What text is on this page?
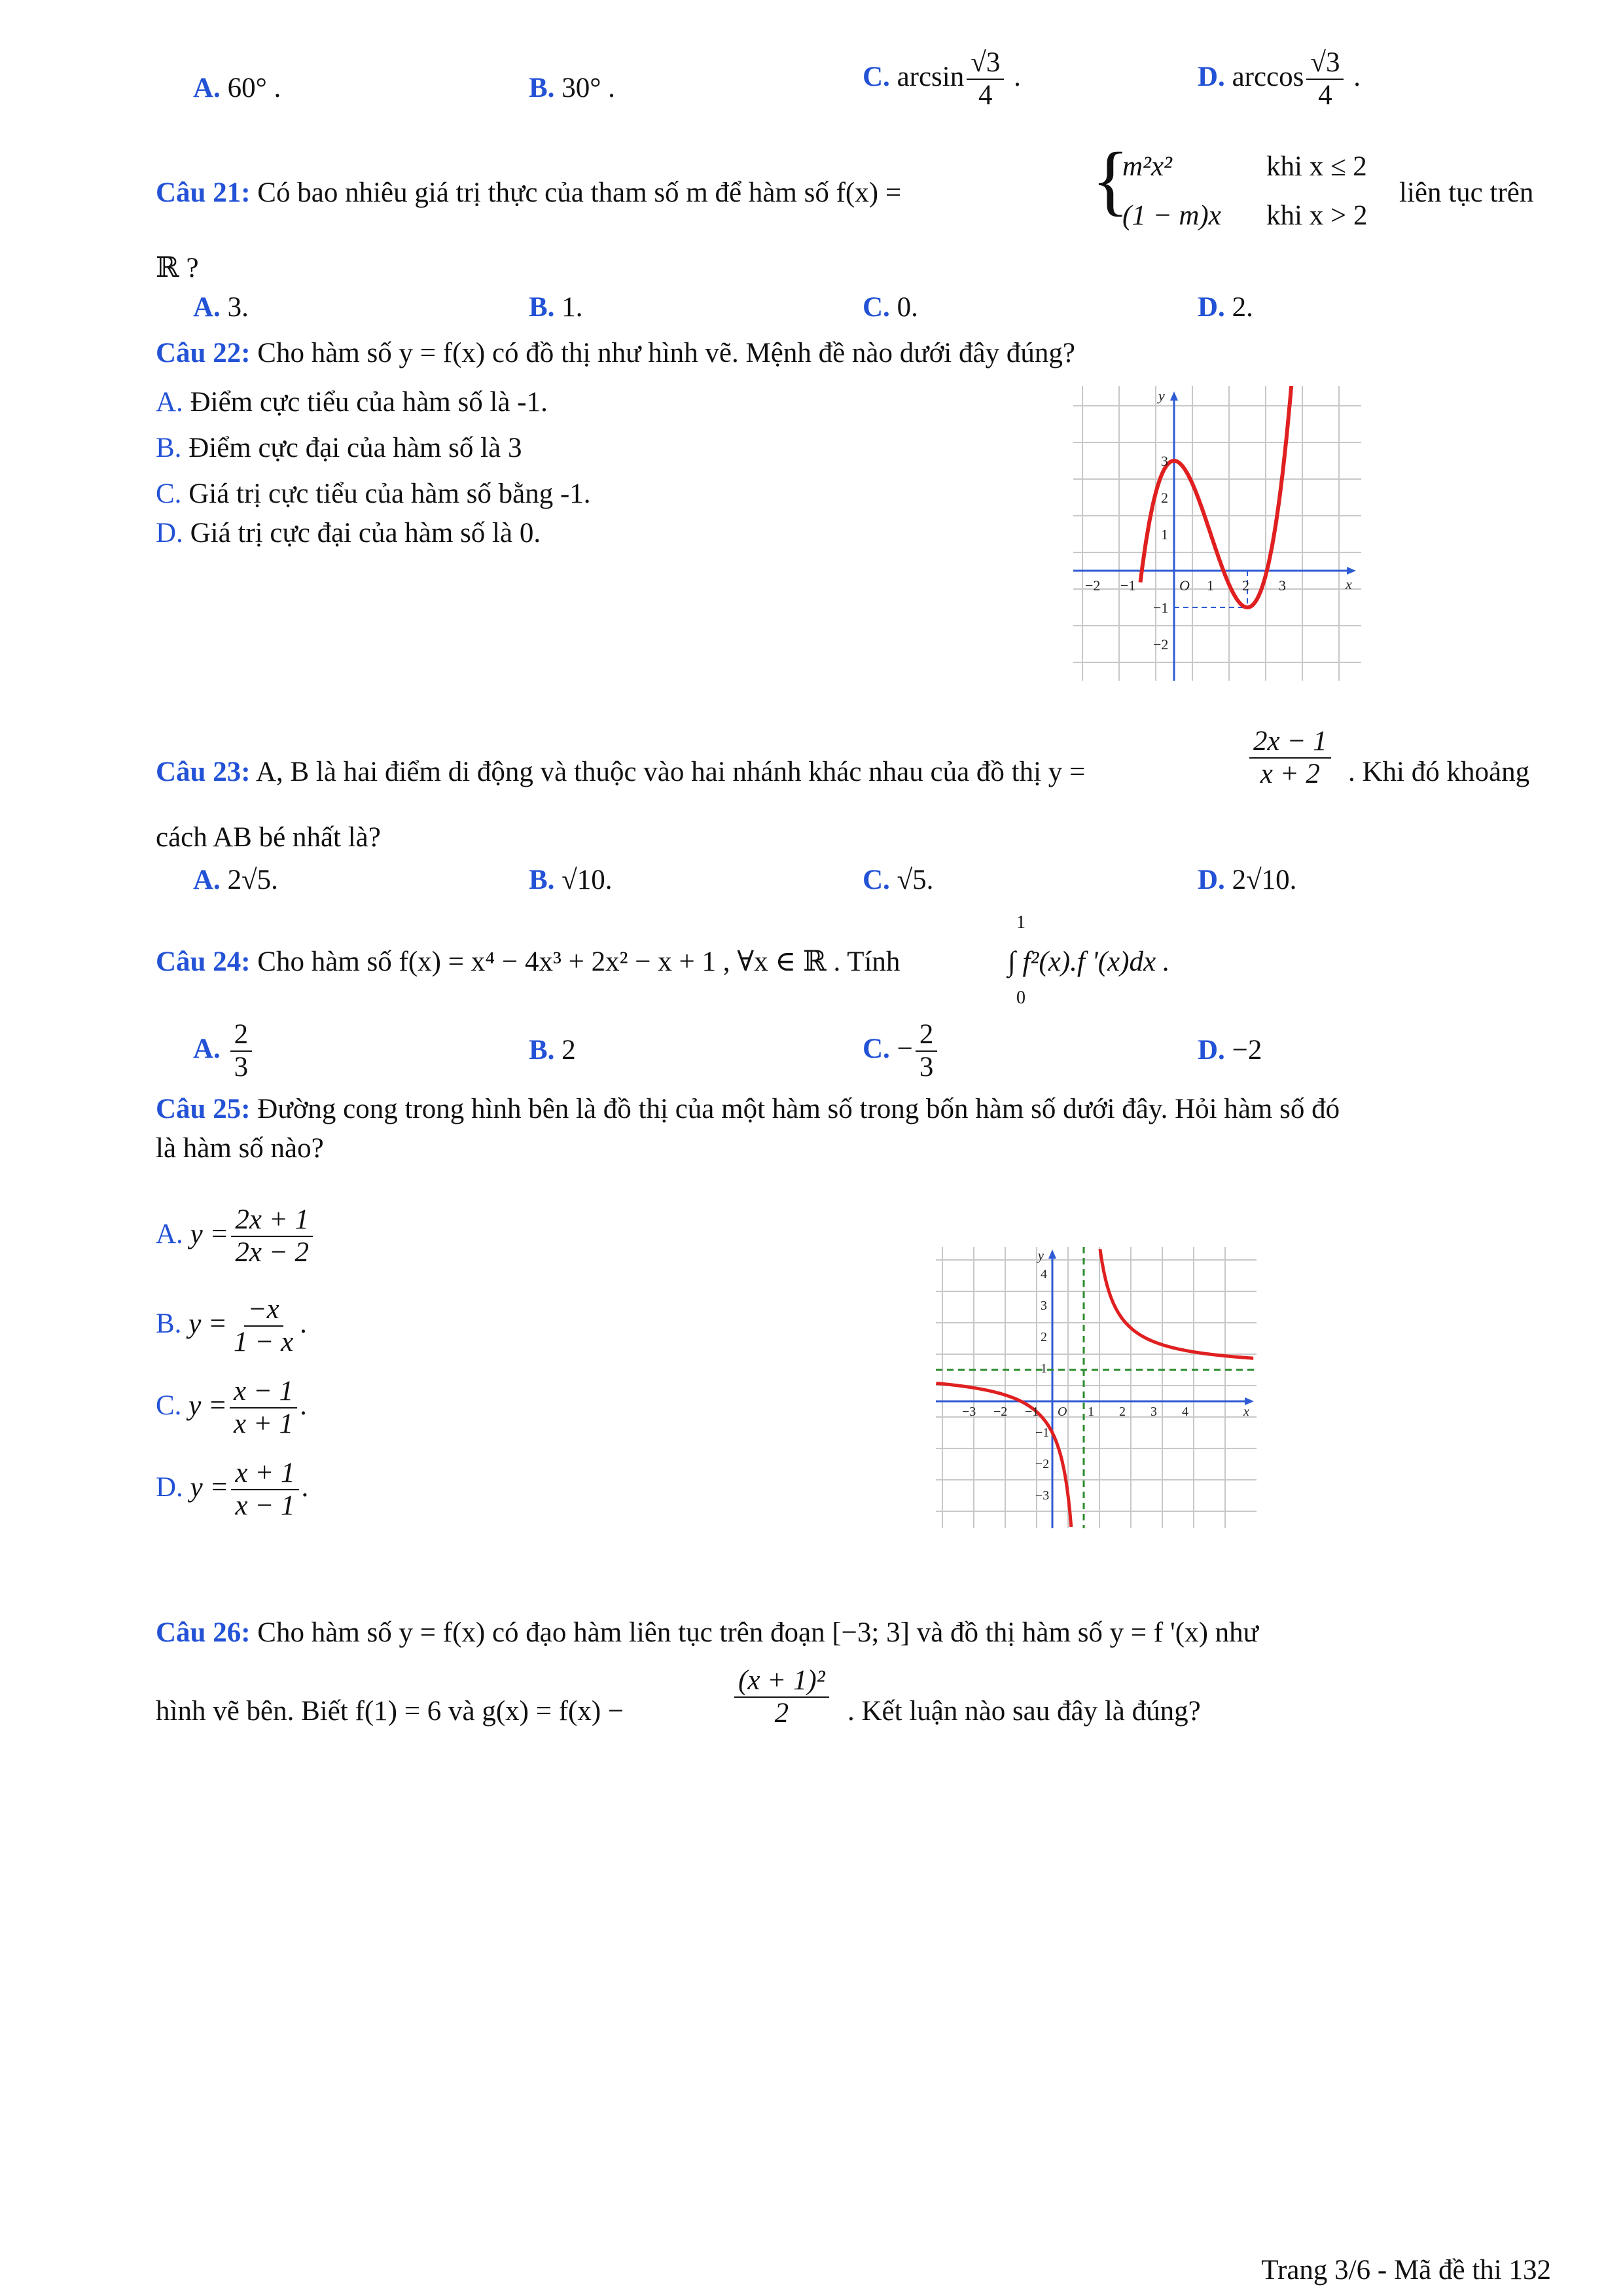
A. 60° .	B. 30° .	C. $\arcsin \frac{√3}{4}$ .	D. $\arccos \frac{√3}{4}$ .
Câu 21: Có bao nhiêu giá trị thực của tham số m để hàm số f(x) = {
m²x²	khi x ≤ 2
(1 − m)x khi x > 2
liên tục trên
ℝ ?
A. 3.	B. 1.	C. 0.	D. 2.
Câu 22: Cho hàm số y = f(x) có đồ thị như hình vẽ. Mệnh đề nào dưới đây đúng?
A. Điểm cực tiểu của hàm số là -1.
B. Điểm cực đại của hàm số là 3
C. Giá trị cực tiểu của hàm số bằng -1.
D. Giá trị cực đại của hàm số là 0.
−2 −1	1 2 3
3
2
1
−1
−2
O	x
y
Câu 23: A, B là hai điểm di động và thuộc vào hai nhánh khác nhau của đồ thị y =	$\frac{2x - 1}{x + 2}$ . Khi đó khoảng
cách AB bé nhất là?
A. 2√5.	B. √10.	C. √5.	D. 2√10.
Câu 24: Cho hàm số f(x) = x⁴ − 4x³ + 2x² − x + 1 , ∀x ∈ ℝ . Tính
1
0
∫ f²(x).f '(x)dx .
A. $\frac{2}{3}$	B. 2	C. − $\frac{2}{3}$	D. −2
Câu 25: Đường cong trong hình bên là đồ thị của một hàm số trong bốn hàm số dưới đây. Hỏi hàm số đó
là hàm số nào?
A. $y = \frac{2x + 1}{2x - 2}$
B. $y = \frac{-x}{1 - x}$ .
C. $y = \frac{x - 1}{x + 1}$ .
D. $y = \frac{x + 1}{x - 1}$ .
−3 −2 −1	1 2 3 4
4
3
2
1
−1
−2
−3
O	x
y
Câu 26: Cho hàm số y = f(x) có đạo hàm liên tục trên đoạn [−3; 3] và đồ thị hàm số y = f '(x) như
hình vẽ bên. Biết f(1) = 6 và g(x) = f(x) −	$\frac{\text{(x + 1)²}}{2}$ . Kết luận nào sau đây là đúng?
Trang 3/6 - Mã đề thi 132
